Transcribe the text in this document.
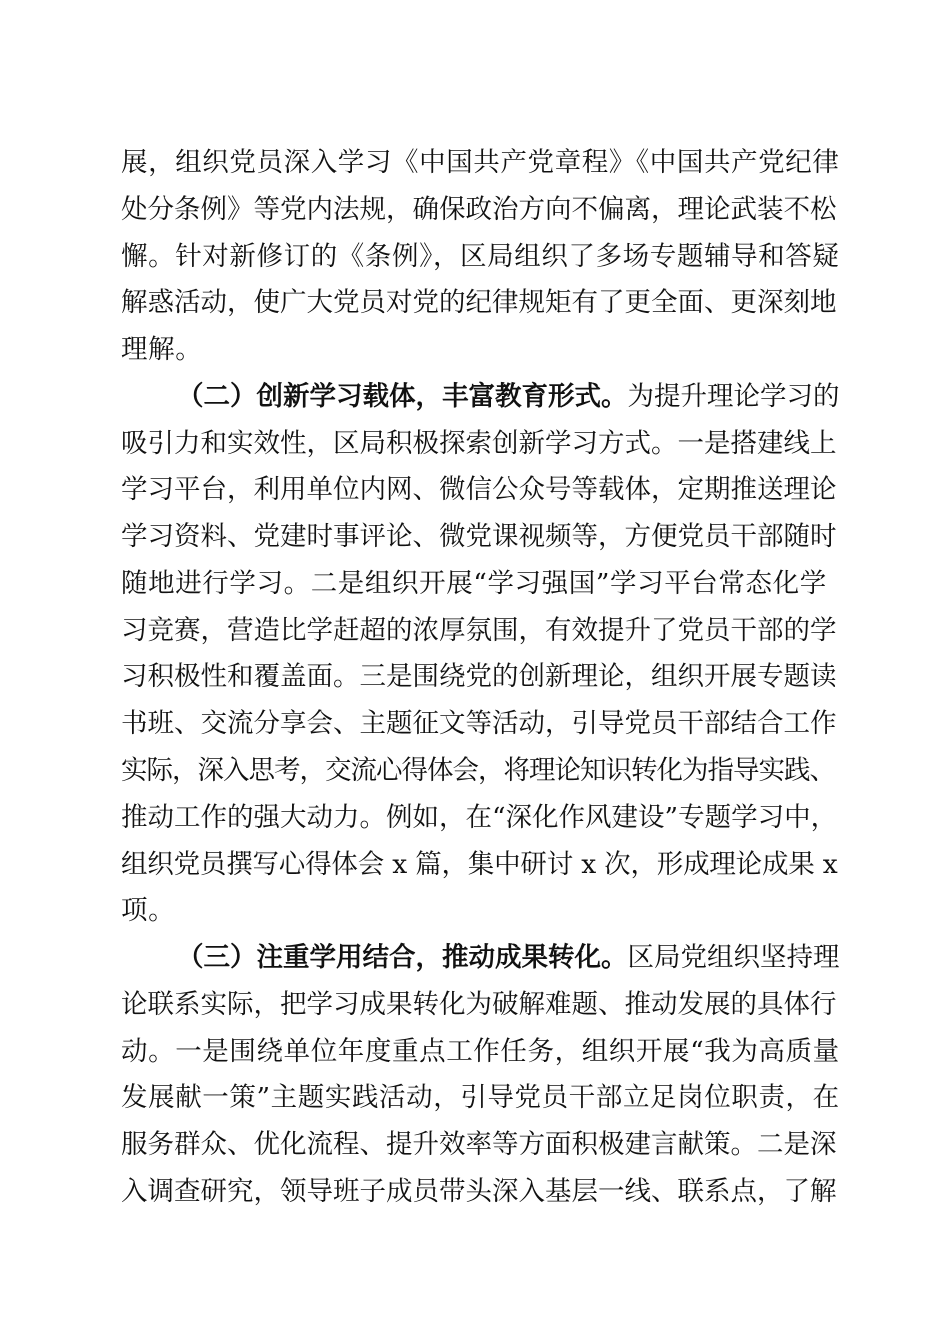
展，组织党员深入学习《中国共产党章程》《中国共产党纪律
处分条例》等党内法规，确保政治方向不偏离，理论武装不松
懈。针对新修订的《条例》，区局组织了多场专题辅导和答疑
解惑活动，使广大党员对党的纪律规矩有了更全面、更深刻地
理解。
（二）创新学习载体，丰富教育形式。为提升理论学习的
吸引力和实效性，区局积极探索创新学习方式。一是搭建线上
学习平台，利用单位内网、微信公众号等载体，定期推送理论
学习资料、党建时事评论、微党课视频等，方便党员干部随时
随地进行学习。二是组织开展“学习强国”学习平台常态化学
习竞赛，营造比学赶超的浓厚氛围，有效提升了党员干部的学
习积极性和覆盖面。三是围绕党的创新理论，组织开展专题读
书班、交流分享会、主题征文等活动，引导党员干部结合工作
实际，深入思考，交流心得体会，将理论知识转化为指导实践、
推动工作的强大动力。例如，在“深化作风建设”专题学习中，
组织党员撰写心得体会 x 篇，集中研讨 x 次，形成理论成果 x
项。
（三）注重学用结合，推动成果转化。区局党组织坚持理
论联系实际，把学习成果转化为破解难题、推动发展的具体行
动。一是围绕单位年度重点工作任务，组织开展“我为高质量
发展献一策”主题实践活动，引导党员干部立足岗位职责，在
服务群众、优化流程、提升效率等方面积极建言献策。二是深
入调查研究，领导班子成员带头深入基层一线、联系点，了解
